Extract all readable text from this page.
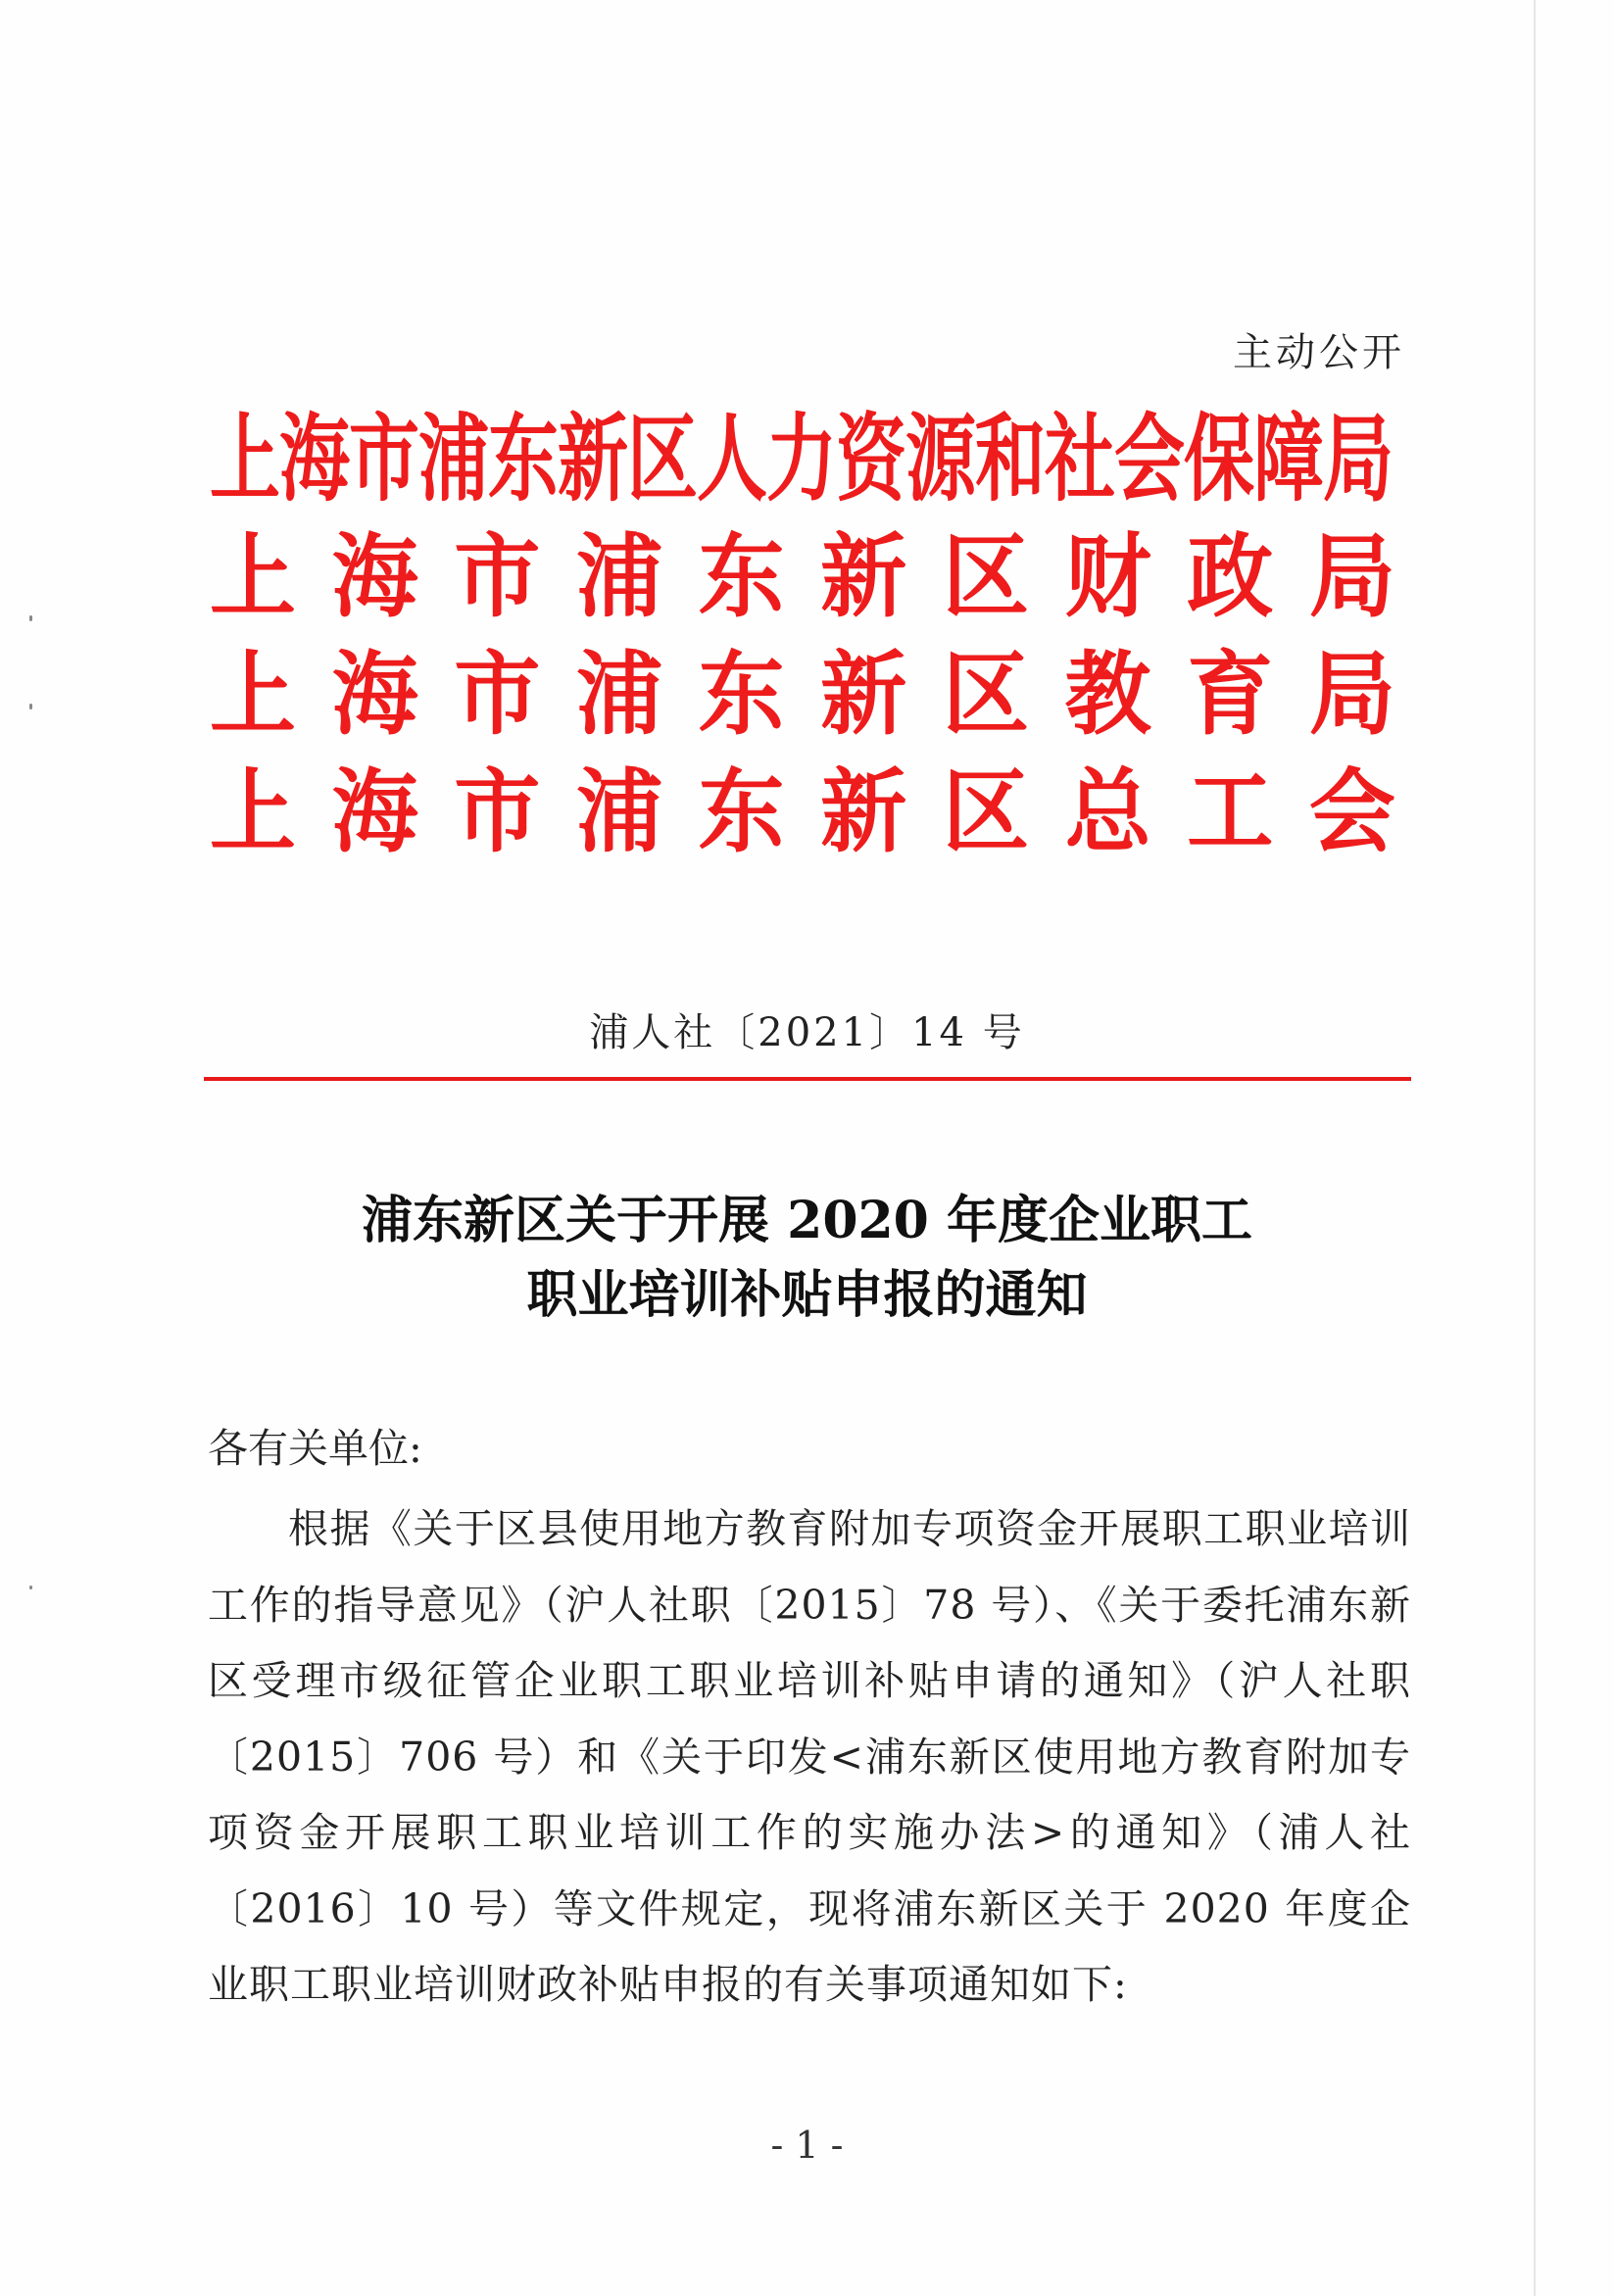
主动公开
上海市浦东新区人力资源和社会保障局
上 海 市 浦 东 新 区 财 政 局
上 海 市 浦 东 新 区 教 育 局
上 海 市 浦 东 新 区 总 工 会
浦人社〔2021〕14 号
浦东新区关于开展 2020 年度企业职工
职业培训补贴申报的通知
各有关单位:
根据《关于区县使用地方教育附加专项资金开展职工职业培训工作的指导意见》（沪人社职〔2015〕78 号）、《关于委托浦东新区受理市级征管企业职工职业培训补贴申请的通知》（沪人社职〔2015〕706 号）和《关于印发<浦东新区使用地方教育附加专项资金开展职工职业培训工作的实施办法>的通知》（浦人社〔2016〕10 号）等文件规定，现将浦东新区关于 2020 年度企业职工职业培训财政补贴申报的有关事项通知如下:
- 1 -
